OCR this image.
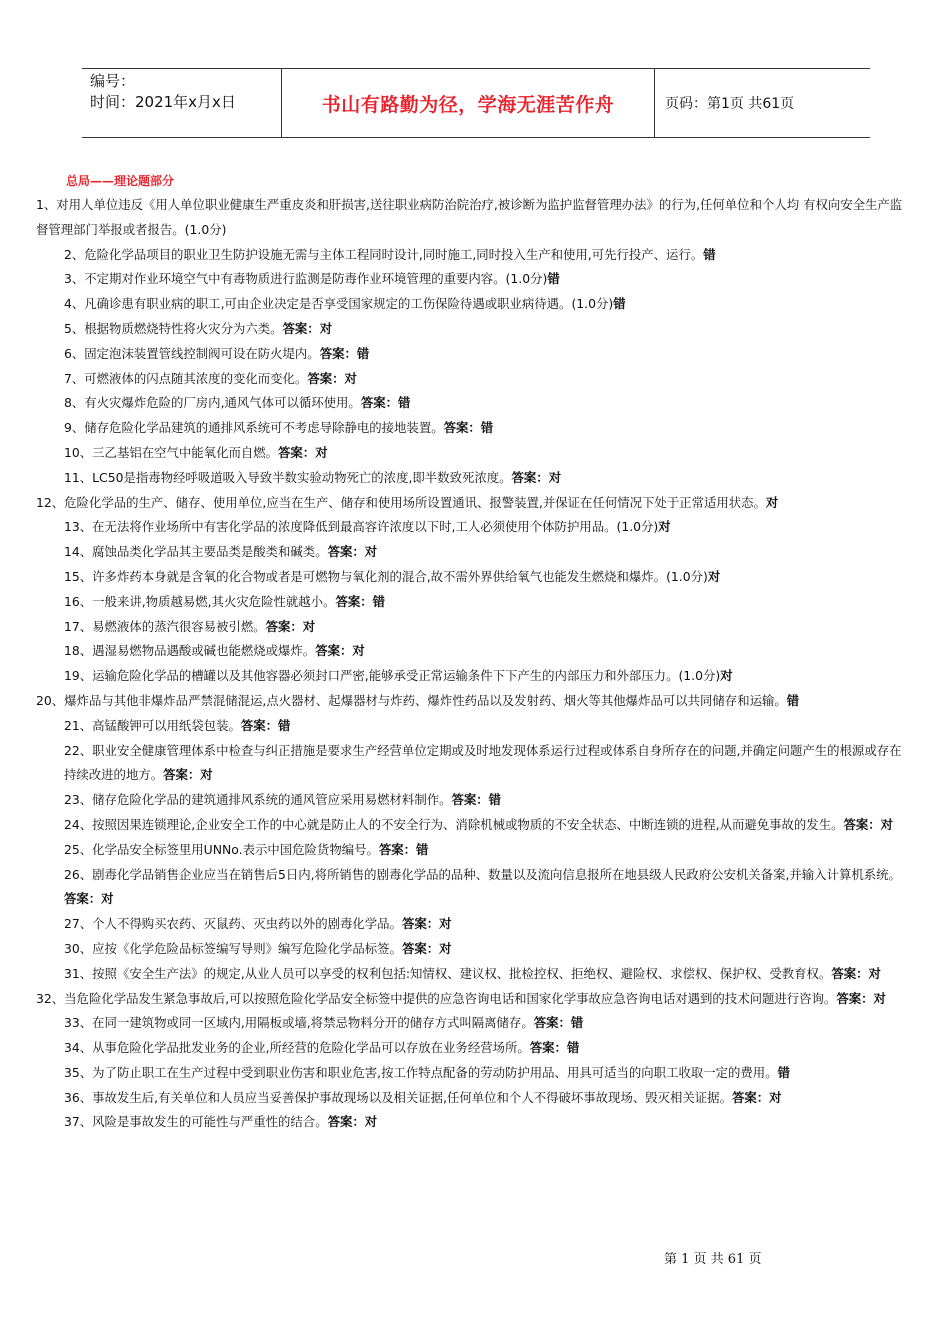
编号：
时间：2021年x月x日	书山有路勤为径，学海无涯苦作舟	页码：第1页 共61页
总局——理论题部分
1、对用人单位违反《用人单位职业健康生严重皮炎和肝损害,送往职业病防治院治疗,被诊断为监护监督管理办法》的行为,任何单位和个人均 有权向安全生产监督管理部门举报或者报告。(1.0分)
2、危险化学品项目的职业卫生防护设施无需与主体工程同时设计,同时施工,同时投入生产和使用,可先行投产、运行。错
3、不定期对作业环境空气中有毒物质进行监测是防毒作业环境管理的重要内容。(1.0分)错
4、凡确诊患有职业病的职工,可由企业决定是否享受国家规定的工伤保险待遇或职业病待遇。(1.0分)错
5、根据物质燃烧特性将火灾分为六类。答案：对
6、固定泡沫装置管线控制阀可设在防火堤内。答案：错
7、可燃液体的闪点随其浓度的变化而变化。答案：对
8、有火灾爆炸危险的厂房内,通风气体可以循环使用。答案：错
9、储存危险化学品建筑的通排风系统可不考虑导除静电的接地装置。答案：错
10、三乙基铝在空气中能氧化而自燃。答案：对
11、LC50是指毒物经呼吸道吸入导致半数实验动物死亡的浓度,即半数致死浓度。答案：对
12、危险化学品的生产、储存、使用单位,应当在生产、储存和使用场所设置通讯、报警装置,并保证在任何情况下处于正常适用状态。对
13、在无法将作业场所中有害化学品的浓度降低到最高容许浓度以下时,工人必须使用个体防护用品。(1.0分)对
14、腐蚀品类化学品其主要品类是酸类和碱类。答案：对
15、许多炸药本身就是含氧的化合物或者是可燃物与氧化剂的混合,故不需外界供给氧气也能发生燃烧和爆炸。(1.0分)对
16、一般来讲,物质越易燃,其火灾危险性就越小。答案：错
17、易燃液体的蒸汽很容易被引燃。答案：对
18、遇湿易燃物品遇酸或碱也能燃烧或爆炸。答案：对
19、运输危险化学品的槽罐以及其他容器必须封口严密,能够承受正常运输条件下下产生的内部压力和外部压力。(1.0分)对
20、爆炸品与其他非爆炸品严禁混储混运,点火器材、起爆器材与炸药、爆炸性药品以及发射药、烟火等其他爆炸品可以共同储存和运输。错
21、高锰酸钾可以用纸袋包装。答案：错
22、职业安全健康管理体系中检查与纠正措施是要求生产经营单位定期或及时地发现体系运行过程或体系自身所存在的问题,并确定问题产生的根源或存在持续改进的地方。答案：对
23、储存危险化学品的建筑通排风系统的通风管应采用易燃材料制作。答案：错
24、按照因果连锁理论,企业安全工作的中心就是防止人的不安全行为、消除机械或物质的不安全状态、中断连锁的进程,从而避免事故的发生。答案：对
25、化学品安全标签里用UNNo.表示中国危险货物编号。答案：错
26、剧毒化学品销售企业应当在销售后5日内,将所销售的剧毒化学品的品种、数量以及流向信息报所在地县级人民政府公安机关备案,并输入计算机系统。答案：对
27、个人不得购买农药、灭鼠药、灭虫药以外的剧毒化学品。答案：对
30、应按《化学危险品标签编写导则》编写危险化学品标签。答案：对
31、按照《安全生产法》的规定,从业人员可以享受的权利包括:知情权、建议权、批检控权、拒绝权、避险权、求偿权、保护权、受教育权。答案：对
32、当危险化学品发生紧急事故后,可以按照危险化学品安全标签中提供的应急咨询电话和国家化学事故应急咨询电话对遇到的技术问题进行咨询。答案：对
33、在同一建筑物或同一区域内,用隔板或墙,将禁忌物料分开的储存方式叫隔离储存。答案：错
34、从事危险化学品批发业务的企业,所经营的危险化学品可以存放在业务经营场所。答案：错
35、为了防止职工在生产过程中受到职业伤害和职业危害,按工作特点配备的劳动防护用品、用具可适当的向职工收取一定的费用。错
36、事故发生后,有关单位和人员应当妥善保护事故现场以及相关证据,任何单位和个人不得破坏事故现场、毁灭相关证据。答案：对
37、风险是事故发生的可能性与严重性的结合。答案：对
第 1 页 共 61 页
